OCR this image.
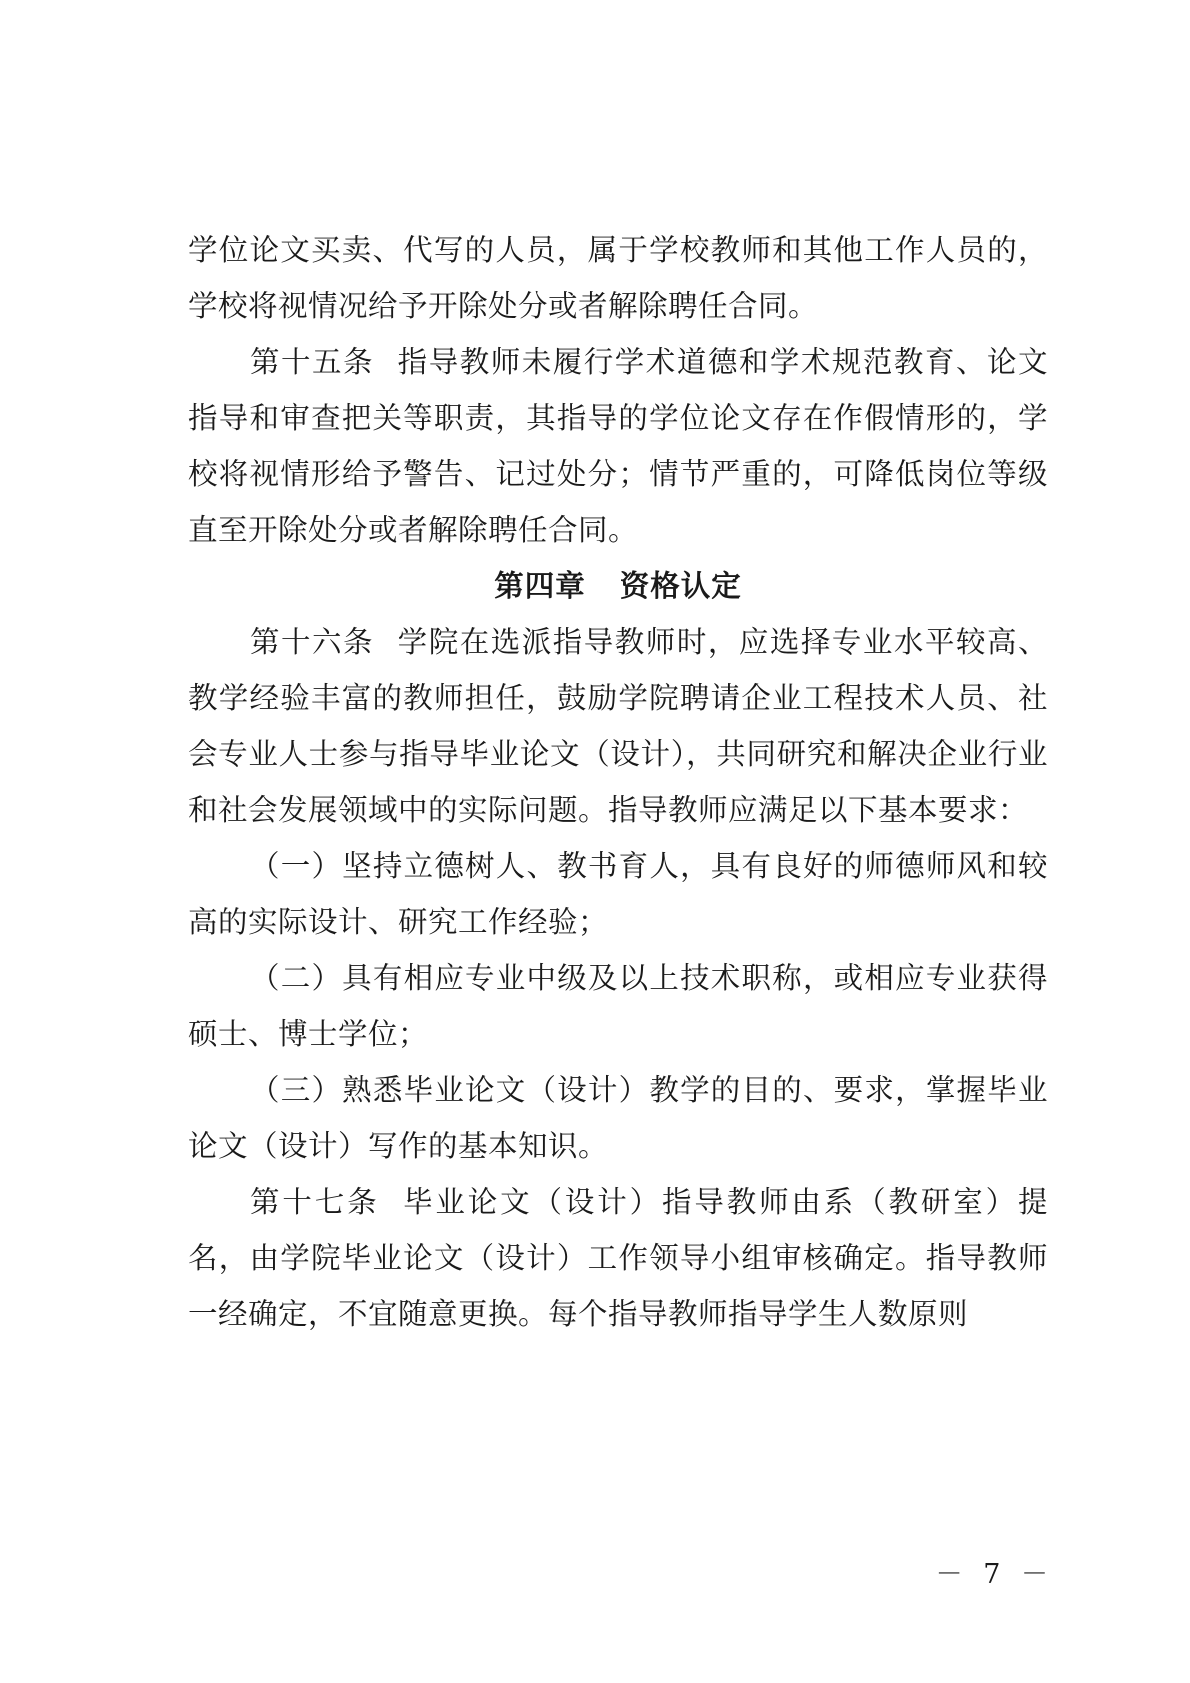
学位论文买卖、代写的人员，属于学校教师和其他工作人员的，学校将视情况给予开除处分或者解除聘任合同。

第十五条 指导教师未履行学术道德和学术规范教育、论文指导和审查把关等职责，其指导的学位论文存在作假情形的，学校将视情形给予警告、记过处分；情节严重的，可降低岗位等级直至开除处分或者解除聘任合同。

第四章 资格认定

第十六条 学院在选派指导教师时，应选择专业水平较高、教学经验丰富的教师担任，鼓励学院聘请企业工程技术人员、社会专业人士参与指导毕业论文（设计），共同研究和解决企业行业和社会发展领域中的实际问题。指导教师应满足以下基本要求：

（一）坚持立德树人、教书育人，具有良好的师德师风和较高的实际设计、研究工作经验；

（二）具有相应专业中级及以上技术职称，或相应专业获得硕士、博士学位；

（三）熟悉毕业论文（设计）教学的目的、要求，掌握毕业论文（设计）写作的基本知识。

第十七条 毕业论文（设计）指导教师由系（教研室）提名，由学院毕业论文（设计）工作领导小组审核确定。指导教师一经确定，不宜随意更换。每个指导教师指导学生人数原则

－ 7 －
